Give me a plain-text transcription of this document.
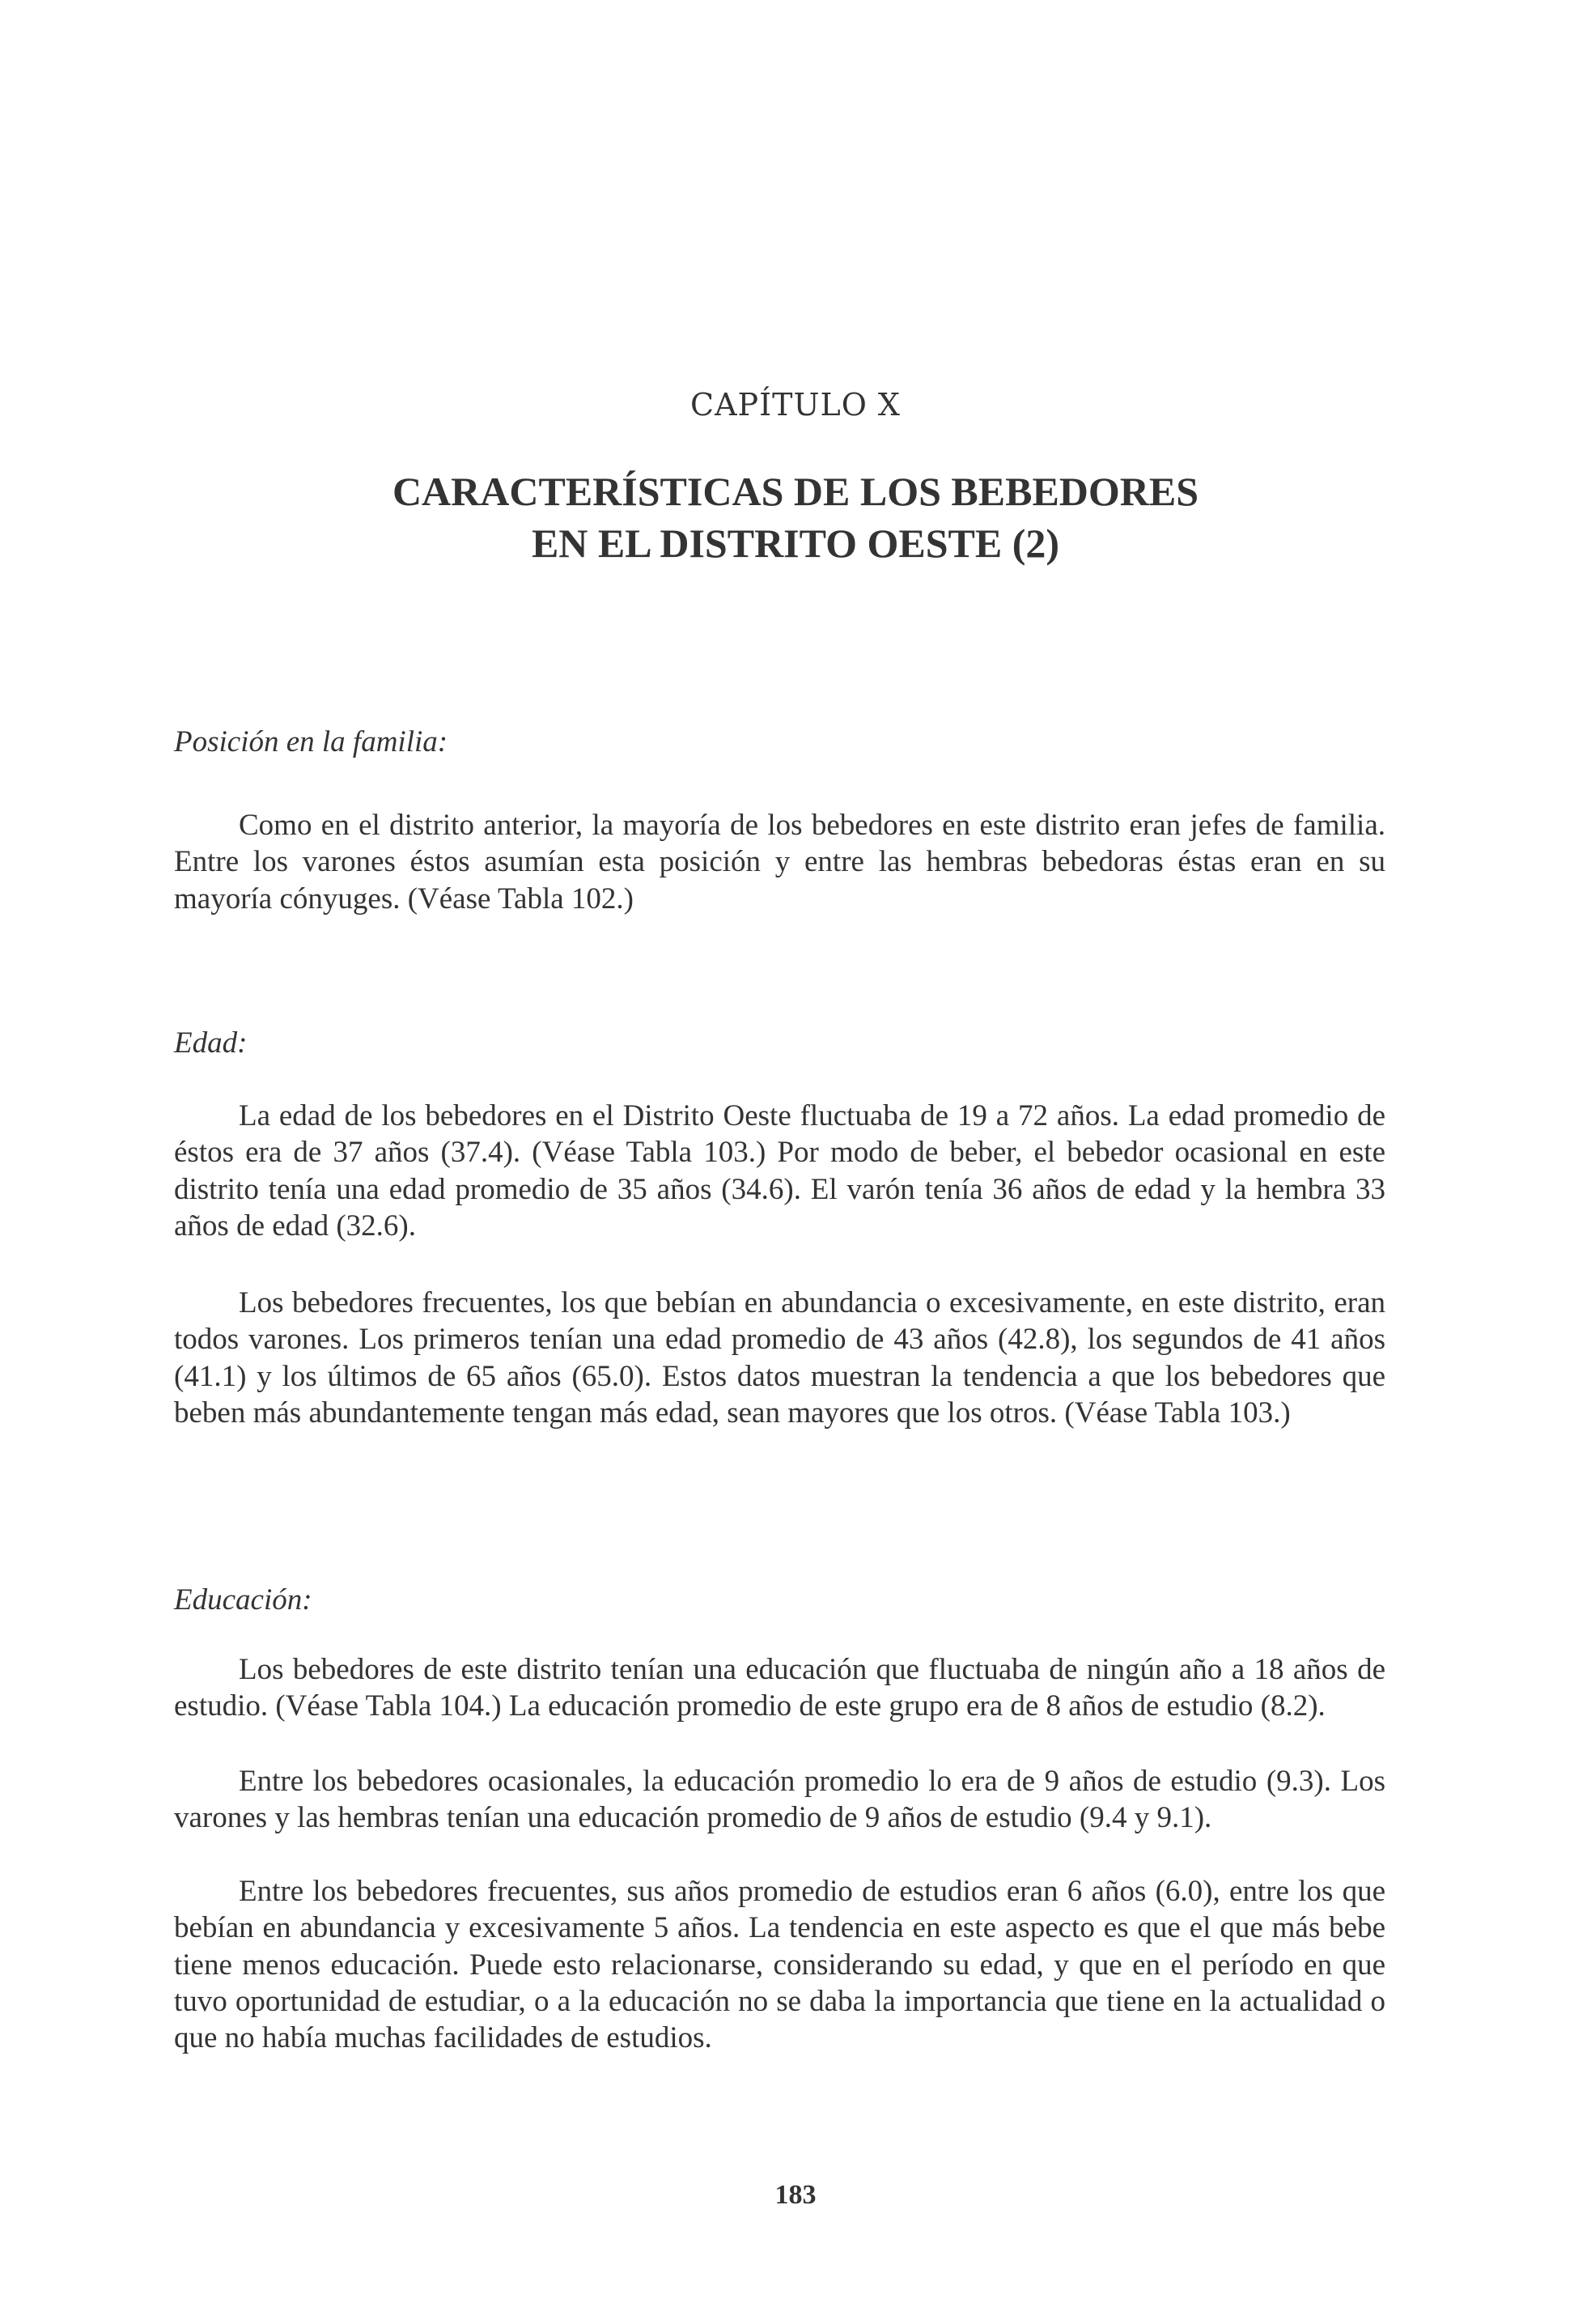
CAPÍTULO X
CARACTERÍSTICAS DE LOS BEBEDORES
EN EL DISTRITO OESTE (2)
Posición en la familia:

Como en el distrito anterior, la mayoría de los bebedores en este distrito eran jefes de familia. Entre los varones éstos asumían esta posición y entre las hembras bebedoras éstas eran en su mayoría cónyuges. (Véase Tabla 102.)

Edad:

La edad de los bebedores en el Distrito Oeste fluctuaba de 19 a 72 años. La edad promedio de éstos era de 37 años (37.4). (Véase Tabla 103.) Por modo de beber, el bebedor ocasional en este distrito tenía una edad promedio de 35 años (34.6). El varón tenía 36 años de edad y la hembra 33 años de edad (32.6).

Los bebedores frecuentes, los que bebían en abundancia o excesivamente, en este distrito, eran todos varones. Los primeros tenían una edad promedio de 43 años (42.8), los segundos de 41 años (41.1) y los últimos de 65 años (65.0). Estos datos muestran la tendencia a que los bebedores que beben más abundantemente tengan más edad, sean mayores que los otros. (Véase Tabla 103.)

Educación:

Los bebedores de este distrito tenían una educación que fluctuaba de ningún año a 18 años de estudio. (Véase Tabla 104.) La educación promedio de este grupo era de 8 años de estudio (8.2).

Entre los bebedores ocasionales, la educación promedio lo era de 9 años de estudio (9.3). Los varones y las hembras tenían una educación promedio de 9 años de estudio (9.4 y 9.1).

Entre los bebedores frecuentes, sus años promedio de estudios eran 6 años (6.0), entre los que bebían en abundancia y excesivamente 5 años. La tendencia en este aspecto es que el que más bebe tiene menos educación. Puede esto relacionarse, considerando su edad, y que en el período en que tuvo oportunidad de estudiar, o a la educación no se daba la importancia que tiene en la actualidad o que no había muchas facilidades de estudios.

183
